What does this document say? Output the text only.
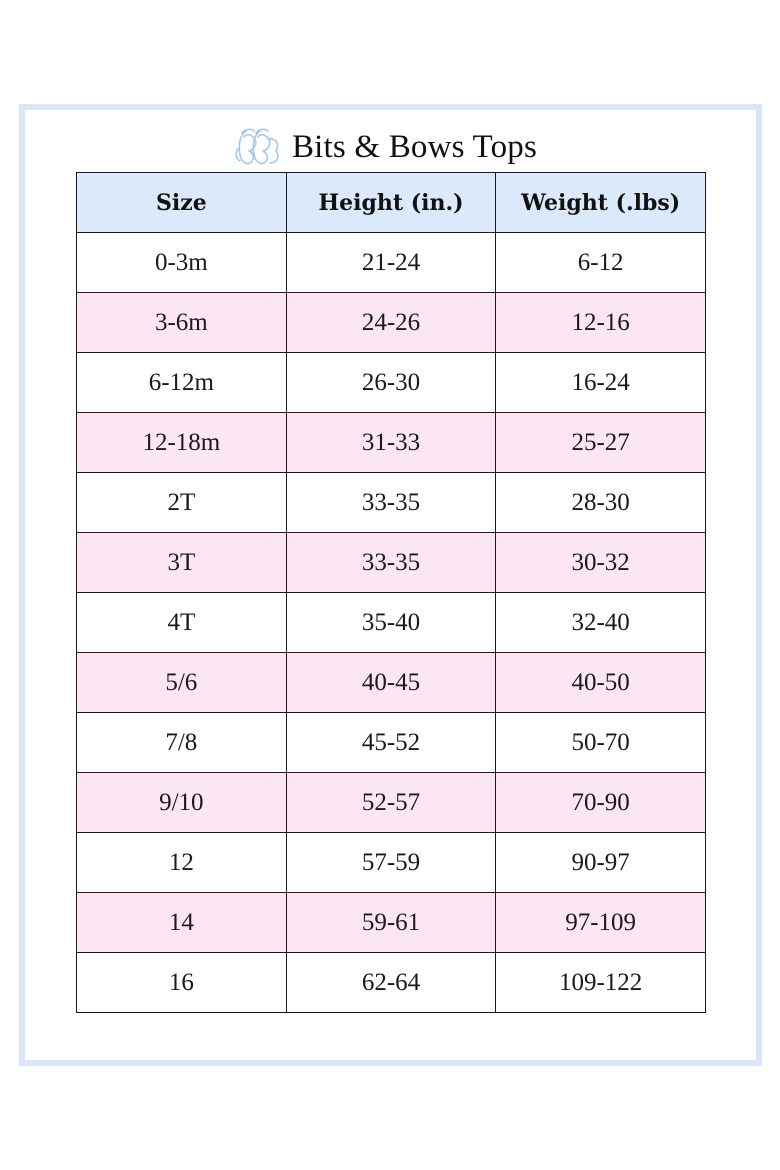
Bits & Bows Tops
Size	Height (in.)	Weight (.lbs)
0-3m	21-24	6-12
3-6m	24-26	12-16
6-12m	26-30	16-24
12-18m	31-33	25-27
2T	33-35	28-30
3T	33-35	30-32
4T	35-40	32-40
5/6	40-45	40-50
7/8	45-52	50-70
9/10	52-57	70-90
12	57-59	90-97
14	59-61	97-109
16	62-64	109-122
